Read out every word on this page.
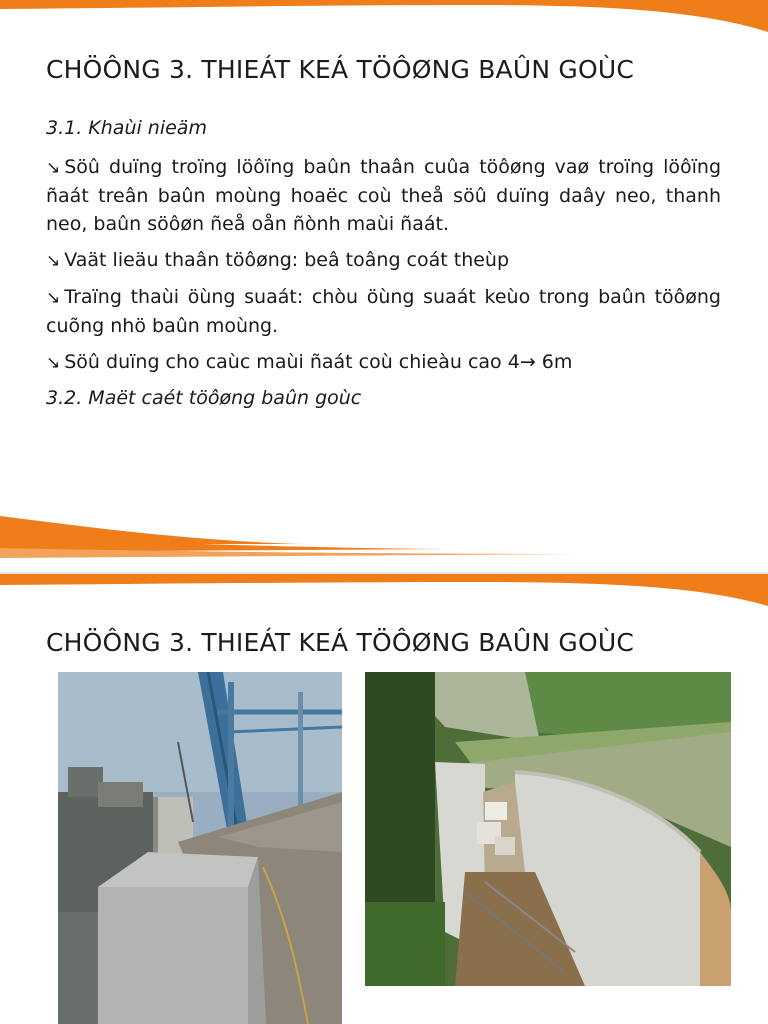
CHÖÔNG 3. THIEÁT KEÁ TÖÔØNG BAÛN GOÙC

3.1. Khaùi nieäm

↘ Söû duïng troïng löôïng baûn thaân cuûa töôøng vaø troïng löôïng ñaát treân baûn moùng hoaëc coù theå söû duïng daây neo, thanh neo, baûn söôøn ñeå oån ñònh maùi ñaát.

↘ Vaät lieäu thaân töôøng: beâ toâng coát theùp

↘ Traïng thaùi öùng suaát: chòu öùng suaát keùo trong baûn töôøng cuõng nhö baûn moùng.

↘ Söû duïng cho caùc maùi ñaát coù chieàu cao 4→ 6m

3.2. Maët caét töôøng baûn goùc

CHÖÔNG 3. THIEÁT KEÁ TÖÔØNG BAÛN GOÙC
